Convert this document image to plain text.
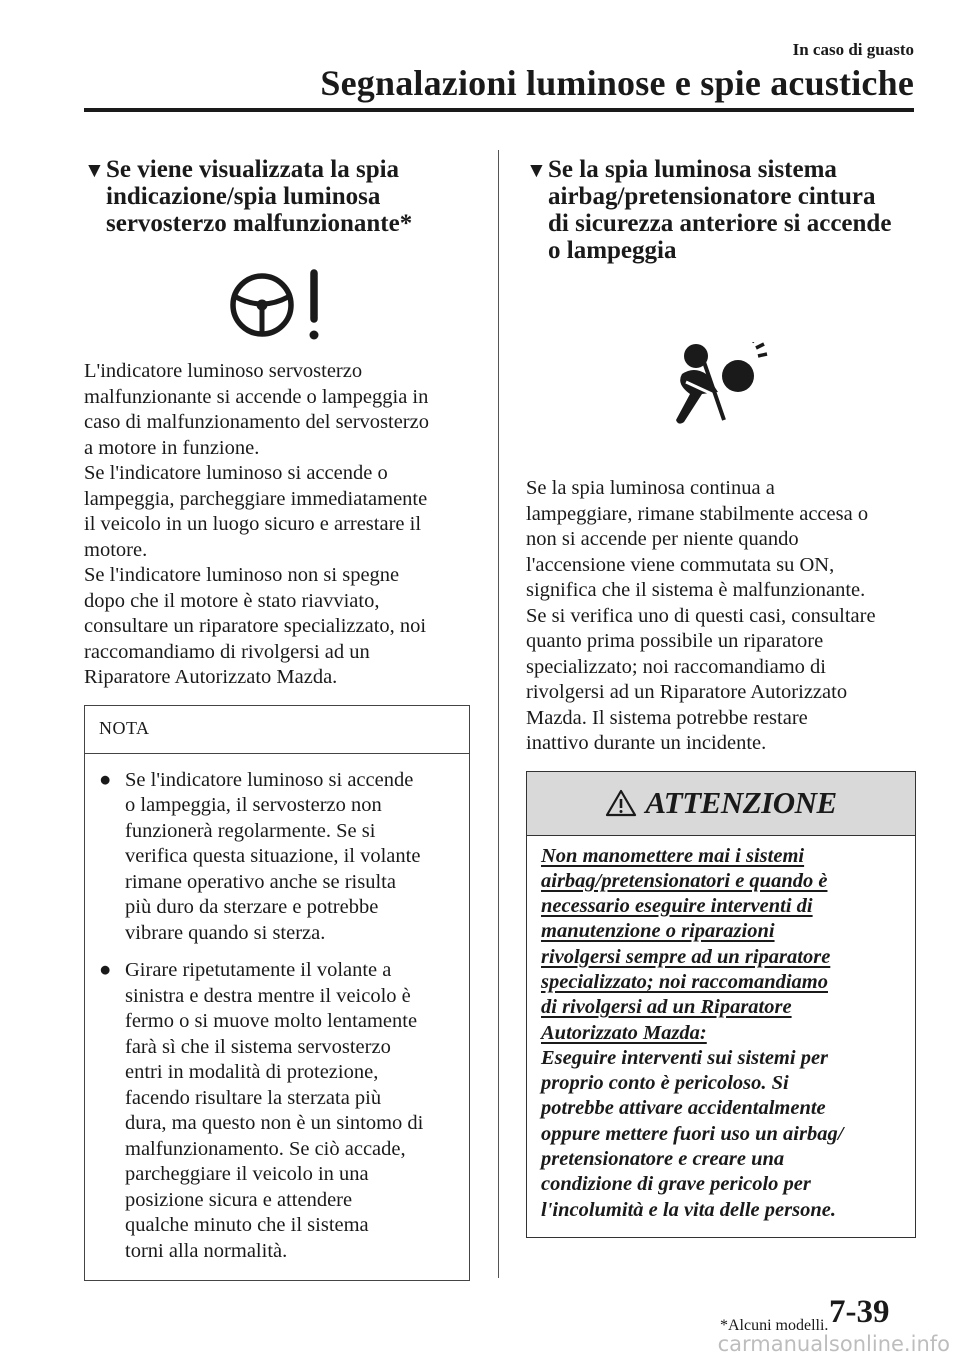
In caso di guasto
Segnalazioni luminose e spie acustiche
▼ Se viene visualizzata la spia
indicazione/spia luminosa
servosterzo malfunzionante*
L'indicatore luminoso servosterzo
malfunzionante si accende o lampeggia in
caso di malfunzionamento del servosterzo
a motore in funzione.
Se l'indicatore luminoso si accende o
lampeggia, parcheggiare immediatamente
il veicolo in un luogo sicuro e arrestare il
motore.
Se l'indicatore luminoso non si spegne
dopo che il motore è stato riavviato,
consultare un riparatore specializzato, noi
raccomandiamo di rivolgersi ad un
Riparatore Autorizzato Mazda.
NOTA
● Se l'indicatore luminoso si accende
o lampeggia, il servosterzo non
funzionerà regolarmente. Se si
verifica questa situazione, il volante
rimane operativo anche se risulta
più duro da sterzare e potrebbe
vibrare quando si sterza.
● Girare ripetutamente il volante a
sinistra e destra mentre il veicolo è
fermo o si muove molto lentamente
farà sì che il sistema servosterzo
entri in modalità di protezione,
facendo risultare la sterzata più
dura, ma questo non è un sintomo di
malfunzionamento. Se ciò accade,
parcheggiare il veicolo in una
posizione sicura e attendere
qualche minuto che il sistema
torni alla normalità.
▼ Se la spia luminosa sistema
airbag/pretensionatore cintura
di sicurezza anteriore si accende
o lampeggia
Se la spia luminosa continua a
lampeggiare, rimane stabilmente accesa o
non si accende per niente quando
l'accensione viene commutata su ON,
significa che il sistema è malfunzionante.
Se si verifica uno di questi casi, consultare
quanto prima possibile un riparatore
specializzato; noi raccomandiamo di
rivolgersi ad un Riparatore Autorizzato
Mazda. Il sistema potrebbe restare
inattivo durante un incidente.
ATTENZIONE
Non manomettere mai i sistemi
airbag/pretensionatori e quando è
necessario eseguire interventi di
manutenzione o riparazioni
rivolgersi sempre ad un riparatore
specializzato; noi raccomandiamo
di rivolgersi ad un Riparatore
Autorizzato Mazda:
Eseguire interventi sui sistemi per
proprio conto è pericoloso. Si
potrebbe attivare accidentalmente
oppure mettere fuori uso un airbag/
pretensionatore e creare una
condizione di grave pericolo per
l'incolumità e la vita delle persone.
*Alcuni modelli. 7-39
carmanualsonline.info
